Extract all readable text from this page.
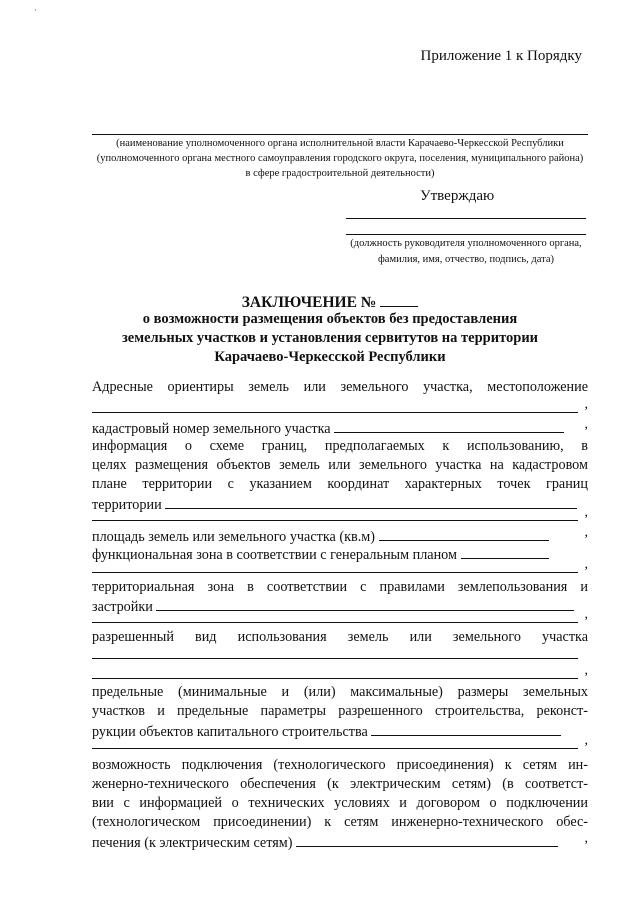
·
Приложение 1 к Порядку
(наименование уполномоченного органа исполнительной власти Карачаево-Черкесской Республики
(уполномоченного органа местного самоуправления городского округа, поселения, муниципального района)
в сфере градостроительной деятельности)
Утверждаю
(должность руководителя уполномоченного органа,
фамилия, имя, отчество, подпись, дата)
ЗАКЛЮЧЕНИЕ №
о возможности размещения объектов без предоставления
земельных участков и установления сервитутов на территории
Карачаево-Черкесской Республики
Адресные ориентиры земель или земельного участка, местоположение
,
кадастровый номер земельного участка	,
информация о схеме границ, предполагаемых к использованию, в
целях размещения объектов земель или земельного участка на кадастровом
плане территории с указанием координат характерных точек границ
территории	,
площадь земель или земельного участка (кв.м)	,
функциональная зона в соответствии с генеральным планом
,
территориальная зона в соответствии с правилами землепользования и
застройки	,
разрешенный вид использования земель или земельного участка
,
предельные (минимальные и (или) максимальные) размеры земельных
участков и предельные параметры разрешенного строительства, реконст-
рукции объектов капитального строительства	,
возможность подключения (технологического присоединения) к сетям ин-
женерно-технического обеспечения (к электрическим сетям) (в соответст-
вии с информацией о технических условиях и договором о подключении
(технологическом присоединении) к сетям инженерно-технического обес-
печения (к электрическим сетям)	,
